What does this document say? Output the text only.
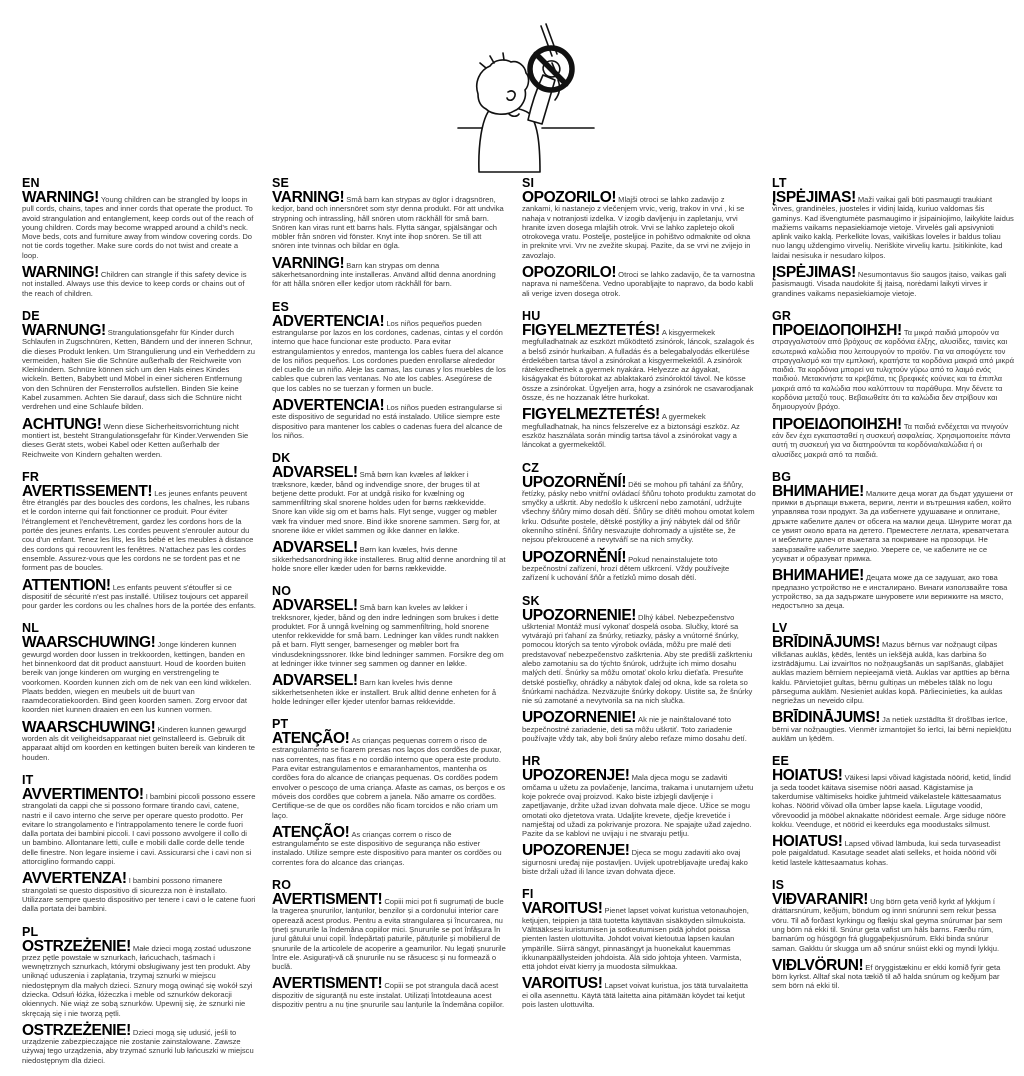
EN

WARNING! Young children can be strangled by loops in pull cords, chains, tapes and inner cords that operate the product. To avoid strangulation and entanglement, keep cords out of the reach of young children. Cords may become wrapped around a child's neck. Move beds, cots and furniture away from window covering cords. Do not tie cords together. Make sure cords do not twist and create a loop.

WARNING! Children can strangle if this safety device is not installed. Always use this device to keep cords or chains out of the reach of children.

DE

WARNUNG! Strangulationsgefahr für Kinder durch Schlaufen in Zugschnüren, Ketten, Bändern und der inneren Schnur, die dieses Produkt lenken. Um Strangulierung und ein Verheddern zu vermeiden, halten Sie die Schnüre außerhalb der Reichweite von Kleinkindern. Schnüre können sich um den Hals eines Kindes wickeln. Betten, Babybett und Möbel in einer sicheren Entfernung von den Schnüren der Fensterrollos aufstellen. Binden Sie keine Kabel zusammen. Achten Sie darauf, dass sich die Schnüre nicht verdrehen und eine Schlaufe bilden.

ACHTUNG! Wenn diese Sicherheitsvorrichtung nicht montiert ist, besteht Strangulationsgefahr für Kinder.Verwenden Sie dieses Gerät stets, wobei Kabel oder Ketten außerhalb der Reichweite von Kindern gehalten werden.

FR

AVERTISSEMENT! Les jeunes enfants peuvent être étranglés par des boucles des cordons, les chaînes, les rubans et le cordon interne qui fait fonctionner ce produit. Pour éviter l'étranglement et l'enchevêtrement, gardez les cordons hors de la portée des jeunes enfants. Les cordes peuvent s'enrouler autour du cou d'un enfant. Tenez les lits, les lits bébé et les meubles à distance des cordons qui recouvrent les fenêtres. N'attachez pas les cordes ensemble. Assurez-vous que les cordons ne se tordent pas et ne forment pas de boucles.

ATTENTION! Les enfants peuvent s'étouffer si ce dispositif de sécurité n'est pas installé. Utilisez toujours cet appareil pour garder les cordons ou les chaînes hors de la portée des enfants.

NL

WAARSCHUWING! Jonge kinderen kunnen gewurgd worden door lussen in trekkoorden, kettingen, banden en het binnenkoord dat dit product aanstuurt. Houd de koorden buiten bereik van jonge kinderen om wurging en verstrengeling te voorkomen. Koorden kunnen zich om de nek van een kind wikkelen. Plaats bedden, wiegen en meubels uit de buurt van raamdecoratiekoorden. Bind geen koorden samen. Zorg ervoor dat koorden niet kunnen draaien en een lus kunnen vormen.

WAARSCHUWING! Kinderen kunnen gewurgd worden als dit veiligheidsapparaat niet geïnstalleerd is. Gebruik dit apparaat altijd om koorden en kettingen buiten bereik van kinderen te houden.

IT

AVVERTIMENTO! I bambini piccoli possono essere strangolati da cappi che si possono formare tirando cavi, catene, nastri e il cavo interno che serve per operare questo prodotto. Per evitare lo strangolamento e l'intrappolamento tenere le corde fuori dalla portata dei bambini piccoli. I cavi possono avvolgere il collo di un bambino. Allontanare letti, culle e mobili dalle corde delle tende delle finestre. Non legare insieme i cavi. Assicurarsi che i cavi non si attorciglino formando cappi.

AVVERTENZA! I bambini possono rimanere strangolati se questo dispositivo di sicurezza non è installato. Utilizzare sempre questo dispositivo per tenere i cavi o le catene fuori dalla portata dei bambini.

PL

OSTRZEŻENIE! Małe dzieci mogą zostać uduszone przez pętle powstałe w sznurkach, łańcuchach, taśmach i wewnętrznych sznurkach, którymi obsługiwany jest ten produkt. Aby uniknąć uduszenia i zaplątania, trzymaj sznurki w miejscu niedostępnym dla małych dzieci. Sznury mogą owinąć się wokół szyi dziecka. Odsuń łóżka, łóżeczka i meble od sznurków dekoracji okiennych. Nie wiąż ze sobą sznurków. Upewnij się, że sznurki nie skręcają się i nie tworzą pętli.

OSTRZEŻENIE! Dzieci mogą się udusić, jeśli to urządzenie zabezpieczające nie zostanie zainstalowane. Zawsze używaj tego urządzenia, aby trzymać sznurki lub łańcuszki w miejscu niedostępnym dla dzieci.

SE

VARNING! Små barn kan strypas av öglor i dragsnören, kedjor, band och innersnöret som styr denna produkt. För att undvika strypning och intrassling, håll snören utom räckhåll för små barn. Snören kan viras runt ett barns hals. Flytta sängar, spjälsängar och möbler från snören vid fönster. Knyt inte ihop snören. Se till att snören inte tvinnas och bildar en ögla.

VARNING! Barn kan strypas om denna säkerhetsanordning inte installeras. Använd alltid denna anordning för att hålla snören eller kedjor utom räckhåll för barn.

ES

ADVERTENCIA! Los niños pequeños pueden estrangularse por lazos en los cordones, cadenas, cintas y el cordón interno que hace funcionar este producto. Para evitar estrangulamientos y enredos, mantenga los cables fuera del alcance de los niños pequeños. Los cordones pueden enrollarse alrededor del cuello de un niño. Aleje las camas, las cunas y los muebles de los cables que cubren las ventanas. No ate los cables. Asegúrese de que los cables no se tuerzan y formen un bucle.

ADVERTENCIA! Los niños pueden estrangularse si este dispositivo de seguridad no está instalado. Utilice siempre este dispositivo para mantener los cables o cadenas fuera del alcance de los niños.

DK

ADVARSEL! Små børn kan kvæles af løkker i træksnore, kæder, bånd og indvendige snore, der bruges til at betjene dette produkt. For at undgå risiko for kvælning og sammenfiltring skal snorene holdes uden for børns rækkevidde. Snore kan vikle sig om et barns hals. Flyt senge, vugger og møbler væk fra vinduer med snore. Bind ikke snorene sammen. Sørg for, at snorene ikke er viklet sammen og ikke danner en løkke.

ADVARSEL! Børn kan kvæles, hvis denne sikkerhedsanordning ikke installeres. Brug altid denne anordning til at holde snore eller kæder uden for børns rækkevidde.

NO

ADVARSEL! Små barn kan kveles av løkker i trekksnorer, kjeder, bånd og den indre ledningen som brukes i dette produktet. For å unngå kvelning og sammenfiltring, hold snorene utenfor rekkevidde for små barn. Ledninger kan vikles rundt nakken på et barn. Flytt senger, barnesenger og møbler bort fra vindusdekningssnorer. Ikke bind ledninger sammen. Forsikre deg om at ledninger ikke tvinner seg sammen og danner en løkke.

ADVARSEL! Barn kan kveles hvis denne sikkerhetsenheten ikke er installert. Bruk alltid denne enheten for å holde ledninger eller kjeder utenfor barnas rekkevidde.

PT

ATENÇÃO! As crianças pequenas correm o risco de estrangulamento se ficarem presas nos laços dos cordões de puxar, nas correntes, nas fitas e no cordão interno que opera este produto. Para evitar estrangulamentos e emaranhamentos, mantenha os cordões fora do alcance de crianças pequenas. Os cordões podem envolver o pescoço de uma criança. Afaste as camas, os berços e os móveis dos cordões que cobrem a janela. Não amarre os cordões. Certifique-se de que os cordões não ficam torcidos e não criam um laço.

ATENÇÃO! As crianças correm o risco de estrangulamento se este dispositivo de segurança não estiver instalado. Utilize sempre este dispositivo para manter os cordões ou correntes fora do alcance das crianças.

RO

AVERTISMENT! Copiii mici pot fi sugrumați de bucle la tragerea șnururilor, lanțurilor, benzilor și a cordonului interior care operează acest produs. Pentru a evita strangularea și încurcarea, nu țineți șnururile la îndemâna copiilor mici. Șnururile se pot înfășura în jurul gâtului unui copil. Îndepărtați paturile, pătuțurile și mobilierul de șnururile de la articolele de acoperire a geamurilor. Nu legați șnururile între ele. Asigurați-vă că șnururile nu se răsucesc și nu formează o buclă.

AVERTISMENT! Copiii se pot strangula dacă acest dispozitiv de siguranță nu este instalat. Utilizați întotdeauna acest dispozitiv pentru a nu ține șnururile sau lanțurile la îndemâna copiilor.

SI

OPOZORILO! Mlajši otroci se lahko zadavijo z zankami, ki nastanejo z vlečenjem vrvic, verig, trakov in vrvi , ki se nahaja v notranjosti izdelka. V izogib davljenju in zapletanju, vrvi hranite izven dosega mlajših otrok. Vrvi se lahko zapletejo okoli otrokovega vratu. Postelje, posteljice in pohištvo odmaknite od okna in preknite vrvi. Vrv ne zvežite skupaj. Pazite, da se vrvi ne zvijejo in zavozlajo.

OPOZORILO! Otroci se lahko zadavijo, če ta varnostna naprava ni nameščena. Vedno uporabljajte to napravo, da bodo kabli ali verige izven dosega otrok.

HU

FIGYELMEZTETÉS! A kisgyermekek megfulladhatnak az eszközt működtető zsinórok, láncok, szalagok és a belső zsinór hurkaiban. A fulladás és a belegabalyodás elkerülése érdekében tartsa távol a zsinórokat a kisgyermekektől. A zsinórok rátekeredhetnek a gyermek nyakára. Helyezze az ágyakat, kiságyakat és bútorokat az ablaktakaró zsinóroktól távol. Ne kösse össze a zsinórokat. Ügyeljen arra, hogy a zsinórok ne csavarodjanak össze, és ne hozzanak létre hurkokat.

FIGYELMEZTETÉS! A gyermekek megfulladhatnak, ha nincs felszerelve ez a biztonsági eszköz. Az eszköz használata során mindig tartsa távol a zsinórokat vagy a láncokat a gyermekektől.

CZ

UPOZORNĚNÍ! Děti se mohou při tahání za šňůry, řetízky, pásky nebo vnitřní ovládací šňůru tohoto produktu zamotat do smyčky a uškrtit. Aby nedošlo k uškrcení nebo zamotání, udržujte všechny šňůry mimo dosah dětí. Šňůry se dítěti mohou omotat kolem krku. Odsuňte postele, dětské postýlky a jiný nábytek dál od šňůr okenního stínění. Šňůry nesvazujte dohromady a ujistěte se, že nejsou překroucené a nevytváří se na nich smyčky.

UPOZORNĚNÍ! Pokud nenainstalujete toto bezpečnostní zařízení, hrozí dětem uškrcení. Vždy používejte zařízení k uchování šňůr a řetízků mimo dosah dětí.

SK

UPOZORNENIE! Dlhý kábel. Nebezpečenstvo uškrtenia! Montáž musí vykonať dospelá osoba. Slučky, ktoré sa vytvárajú pri ťahaní za šnúrky, retiazky, pásky a vnútorné šnúrky, pomocou ktorých sa tento výrobok ovláda, môžu pre malé deti predstavovať nebezpečenstvo zaškrtenia. Aby ste predišli zaškrteniu alebo zamotaniu sa do týchto šnúrok, udržujte ich mimo dosahu malých detí. Šnúrky sa môžu omotať okolo krku dieťaťa. Presuňte detské postieľky, ohrádky a nábytok ďalej od okna, kde sa roleta so šnúrkami nachádza. Nezväzujte šnúrky dokopy. Uistite sa, že šnúrky nie sú zamotané a nevytvorila sa na nich slučka.

UPOZORNENIE! Ak nie je nainštalované toto bezpečnostné zariadenie, deti sa môžu uškrtiť. Toto zariadenie používajte vždy tak, aby boli šnúry alebo reťaze mimo dosahu detí.

HR

UPOZORENJE! Mala djeca mogu se zadaviti omčama u užetu za povlačenje, lancima, trakama i unutarnjem užetu koje pokreće ovaj proizvod. Kako biste izbjegli davljenje i zapetljavanje, držite užad izvan dohvata male djece. Užice se mogu omotati oko djetetova vrata. Udaljite krevete, dječje krevetiće i namještaj od užadi za pokrivanje prozora. Ne spajajte užad zajedno. Pazite da se kablovi ne uvijaju i ne stvaraju petlju.

UPOZORENJE! Djeca se mogu zadaviti ako ovaj sigurnosni uređaj nije postavljen. Uvijek upotrebljavajte uređaj kako biste držali užad ili lance izvan dohvata djece.

FI

VAROITUS! Pienet lapset voivat kuristua vetonauhojen, ketjujen, teippien ja tätä tuotetta käyttävän sisäköyden silmukoista. Välttääksesi kuristumisen ja sotkeutumisen pidä johdot poissa pienten lasten ulottuvilta. Johdot voivat kietoutua lapsen kaulan ympärille. Siirrä sängyt, pinnasängyt ja huonekalut kauemmas ikkunanpäällysteiden johdoista. Älä sido johtoja yhteen. Varmista, että johdot eivät kierry ja muodosta silmukkaa.

VAROITUS! Lapset voivat kuristua, jos tätä turvalaitetta ei olla asennettu. Käytä tätä laitetta aina pitämään köydet tai ketjut pois lasten ulottuvilta.

LT

ĮSPĖJIMAS! Maži vaikai gali būti pasmaugti traukiant virves, grandinėles, juosteles ir vidinį laidą, kuriuo valdomas šis gaminys. Kad išvengtumėte pasmaugimo ir įsipainiojimo, laikykite laidus mažiems vaikams nepasiekiamoje vietoje. Virvelės gali apsivynioti aplink vaiko kaklą. Perkelkite lovas, vaikiškas loveles ir baldus toliau nuo langų uždengimo virvelių. Neriškite virvelių kartu. Įsitikinkite, kad laidai nesisuka ir nesudaro kilpos.

ĮSPĖJIMAS! Nesumontavus šio saugos įtaiso, vaikas gali pasismaugti. Visada naudokite šį įtaisą, norėdami laikyti virves ir grandines vaikams nepasiekiamoje vietoje.

GR

ΠΡΟΕΙΔΟΠΟΙΗΣΗ! Τα μικρά παιδιά μπορούν να στραγγαλιστούν από βρόχους σε κορδόνια έλξης, αλυσίδες, ταινίες και εσωτερικά καλώδια που λειτουργούν το προϊόν. Για να αποφύγετε τον στραγγαλισμό και την εμπλοκή, κρατήστε τα κορδόνια μακριά από μικρά παιδιά. Τα κορδόνια μπορεί να τυλιχτούν γύρω από το λαιμό ενός παιδιού. Μετακινήστε τα κρεβάτια, τις βρεφικές κούνιες και τα έπιπλα μακριά από τα καλώδια που καλύπτουν τα παράθυρα. Μην δένετε τα κορδόνια μεταξύ τους. Βεβαιωθείτε ότι τα καλώδια δεν στρίβουν και δημιουργούν βρόχο.

ΠΡΟΕΙΔΟΠΟΙΗΣΗ! Τα παιδιά ενδέχεται να πνιγούν εάν δεν έχει εγκατασταθεί η συσκευή ασφαλείας. Χρησιμοποιείτε πάντα αυτή τη συσκευή για να διατηρούνται τα κορδόνια/καλώδια ή οι αλυσίδες μακριά από τα παιδιά.

BG

ВНИМАНИЕ! Малките деца могат да бъдат удушени от примки в дърпащи въжета, вериги, ленти и вътрешния кабел, който управлява този продукт. За да избегнете удушаване и оплитане, дръжте кабелите далеч от обсега на малки деца. Шнурите могат да се увият около врата на детето. Преместете леглата, креватчетата и мебелите далеч от въжетата за покриване на прозорци. Не завързвайте кабелите заедно. Уверете се, че кабелите не се усукват и образуват примка.

ВНИМАНИЕ! Децата може да се задушат, ако това предпазно устройство не е инсталирано. Винаги използвайте това устройство, за да задържате шнуровете или верижките на място, недостъпно за деца.

LV

BRĪDINĀJUMS! Mazus bērnus var nožņaugt cilpas vilkšanas auklās, ķēdēs, lentēs un iekšējā auklā, kas darbina šo izstrādājumu. Lai izvairītos no nožņaugšanās un sapīšanās, glabājiet auklas maziem bērniem nepieejamā vietā. Auklas var aptīties ap bērna kaklu. Pārvietojiet gultas, bērnu gultiņas un mēbeles tālāk no logu pārseguma auklām. Nesieniet auklas kopā. Pārliecinieties, ka auklas negriežas un neveido cilpu.

BRĪDINĀJUMS! Ja netiek uzstādīta šī drošības ierīce, bērni var nožņaugties. Vienmēr izmantojiet šo ierīci, lai bērni nepiekļūtu auklām un ķēdēm.

EE

HOIATUS! Väikesi lapsi võivad kägistada nöörid, ketid, lindid ja seda toodet käitava sisemise nööri aasad. Kägistamise ja takerdumise vältimiseks hoidke juhtmeid väikelastele kättesaamatus kohas. Nöörid võivad olla ümber lapse kaela. Liigutage voodid, võrevoodid ja mööbel aknakatte nööridest eemale. Ärge siduge nööre kokku. Veenduge, et nöörid ei keerduks ega moodustaks silmust.

HOIATUS! Lapsed võivad lämbuda, kui seda turvaseadist pole paigaldatud. Kasutage seadet alati selleks, et hoida nöörid või ketid lastele kättesaamatus kohas.

IS

VIÐVARANIR! Ung börn geta verið kyrkt af lykkjum í dráttarsnúrum, keðjum, böndum og innri snúrunni sem rekur þessa vöru. Til að forðast kyrkingu og flækju skal geyma snúrurnar þar sem ung börn ná ekki til. Snúrur geta vafist um háls barns. Færðu rúm, barnarúm og húsgögn frá gluggaþekjusnúrum. Ekki binda snúrur saman. Gakktu úr skugga um að snúrur snúist ekki og myndi lykkju.

VIÐLVÖRUN! Ef öryggistækinu er ekki komið fyrir geta börn kyrkst. Alltaf skal nota tækið til að halda snúrum og keðjum þar sem börn ná ekki til.
